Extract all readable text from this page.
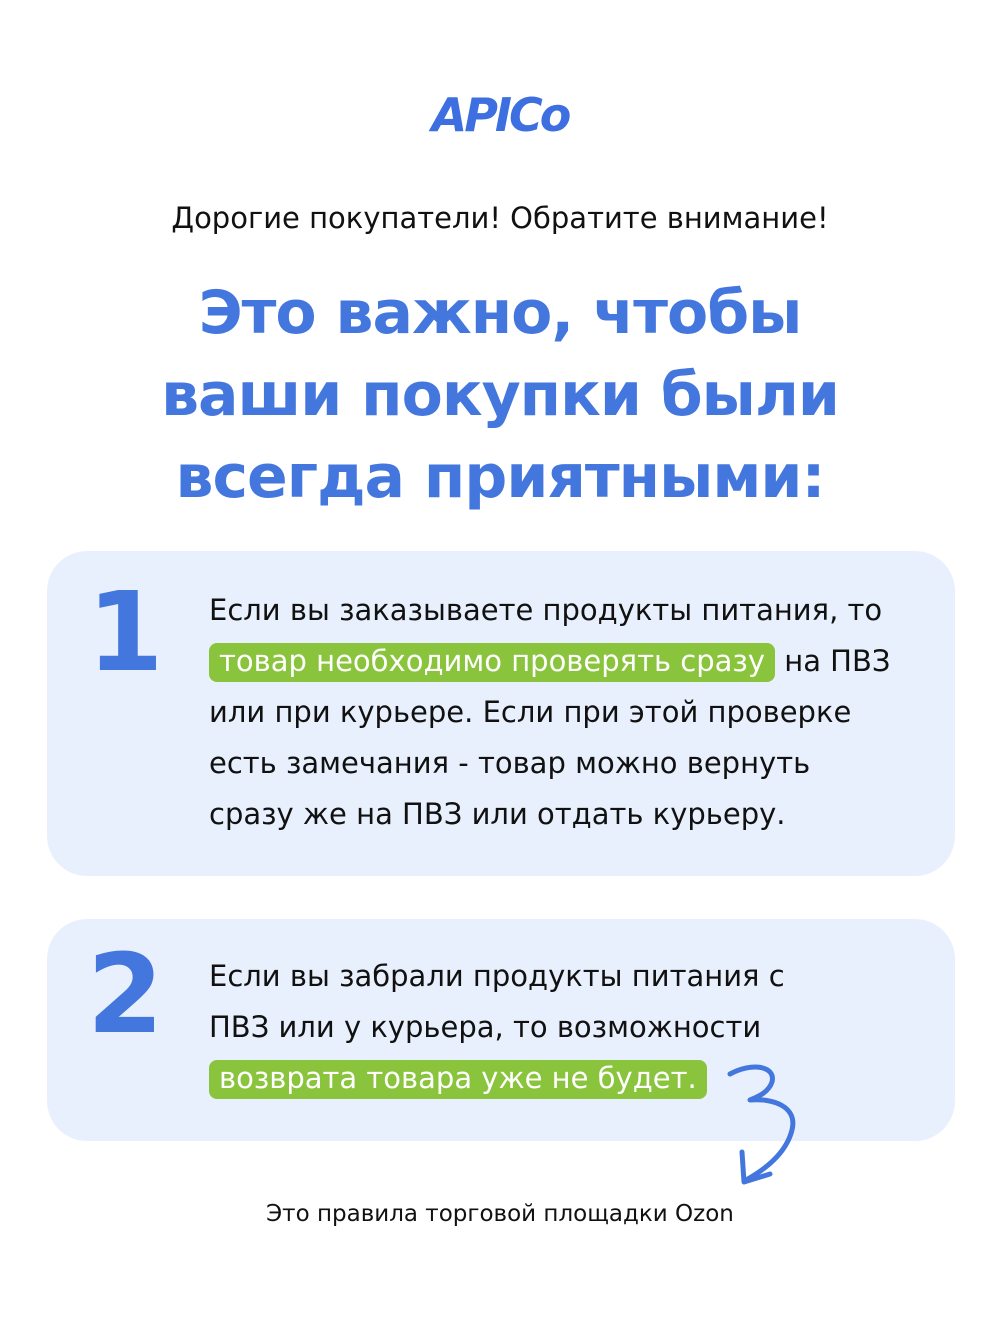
APICo
Дорогие покупатели! Обратите внимание!
Это важно, чтобы
ваши покупки были
всегда приятными:
1 Если вы заказываете продукты питания, то
товар необходимо проверять сразу на ПВЗ
или при курьере. Если при этой проверке
есть замечания - товар можно вернуть
сразу же на ПВЗ или отдать курьеру.
2 Если вы забрали продукты питания с
ПВЗ или у курьера, то возможности
возврата товара уже не будет.
Это правила торговой площадки Ozon
